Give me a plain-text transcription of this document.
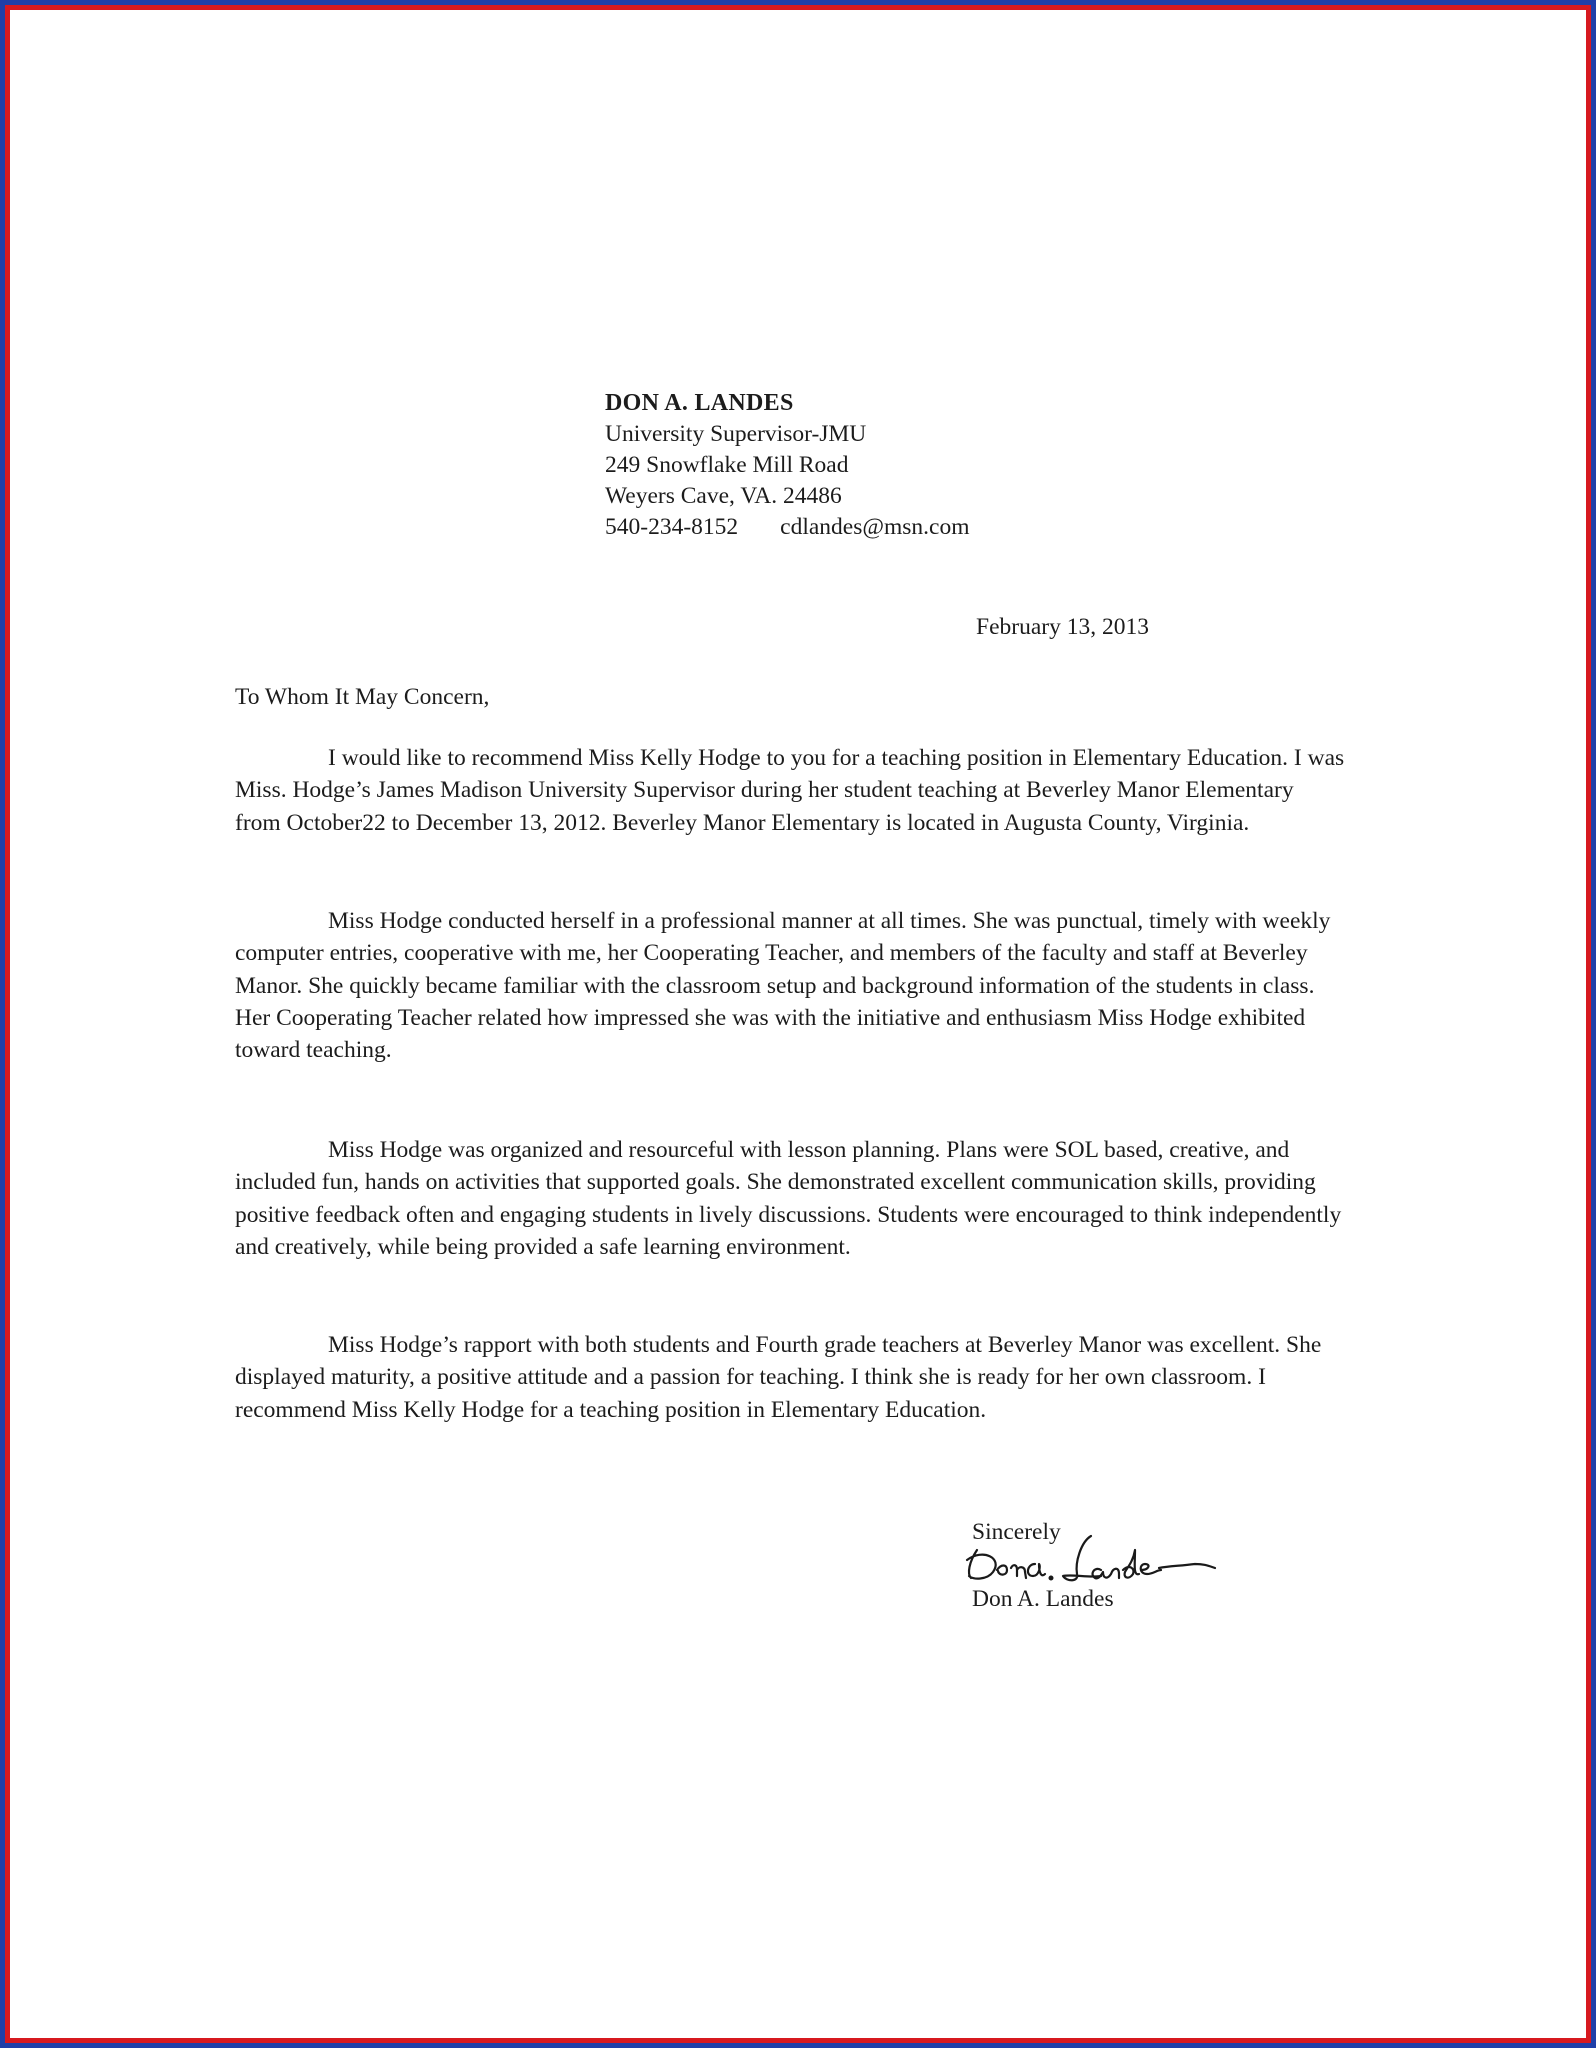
DON A. LANDES
University Supervisor-JMU
249 Snowflake Mill Road
Weyers Cave, VA. 24486
540-234-8152 cdlandes@msn.com
February 13, 2013
To Whom It May Concern,

I would like to recommend Miss Kelly Hodge to you for a teaching position in Elementary Education. I was Miss. Hodge’s James Madison University Supervisor during her student teaching at Beverley Manor Elementary from October22 to December 13, 2012. Beverley Manor Elementary is located in Augusta County, Virginia.

Miss Hodge conducted herself in a professional manner at all times. She was punctual, timely with weekly computer entries, cooperative with me, her Cooperating Teacher, and members of the faculty and staff at Beverley Manor. She quickly became familiar with the classroom setup and background information of the students in class. Her Cooperating Teacher related how impressed she was with the initiative and enthusiasm Miss Hodge exhibited toward teaching.

Miss Hodge was organized and resourceful with lesson planning. Plans were SOL based, creative, and included fun, hands on activities that supported goals. She demonstrated excellent communication skills, providing positive feedback often and engaging students in lively discussions. Students were encouraged to think independently and creatively, while being provided a safe learning environment.

Miss Hodge’s rapport with both students and Fourth grade teachers at Beverley Manor was excellent. She displayed maturity, a positive attitude and a passion for teaching. I think she is ready for her own classroom. I recommend Miss Kelly Hodge for a teaching position in Elementary Education.

Sincerely
Don A. Landes
